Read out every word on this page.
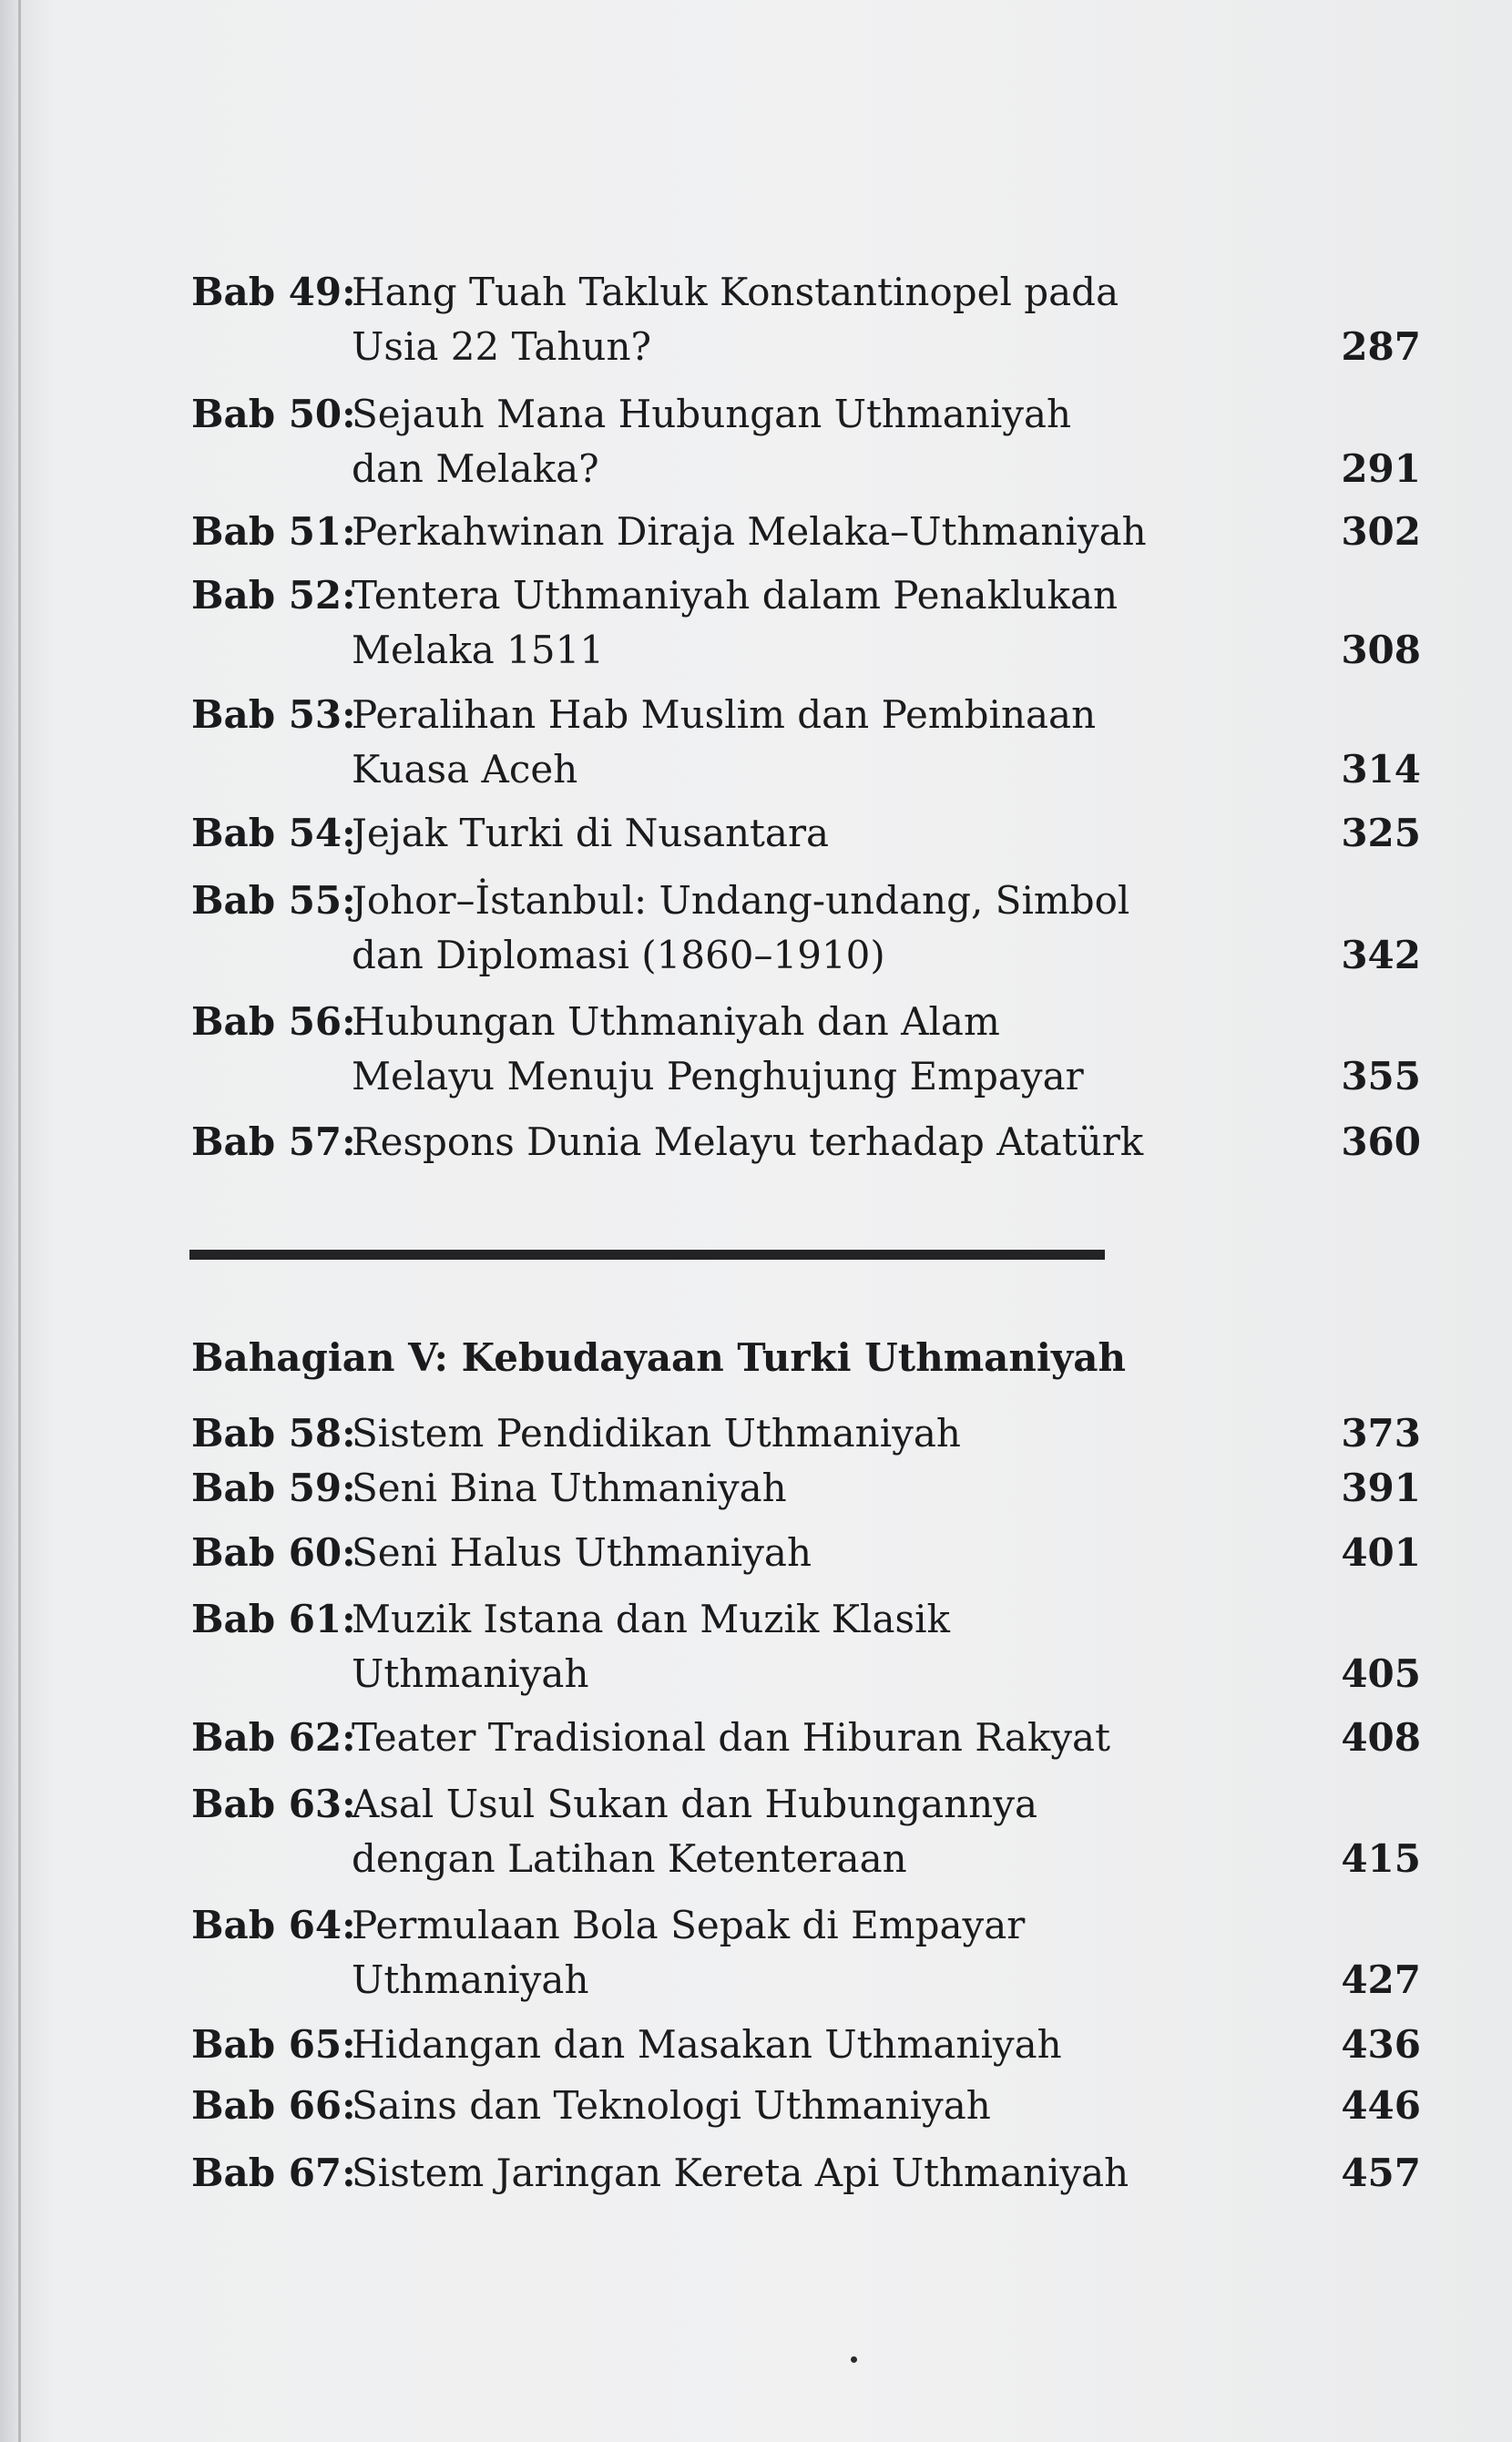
Bab 49:
Hang Tuah Takluk Konstantinopel pada
Usia 22 Tahun?	287
Bab 50:
Sejauh Mana Hubungan Uthmaniyah
dan Melaka?	291
Bab 51:
Perkahwinan Diraja Melaka–Uthmaniyah	302
Bab 52:
Tentera Uthmaniyah dalam Penaklukan
Melaka 1511	308
Bab 53:
Peralihan Hab Muslim dan Pembinaan
Kuasa Aceh	314
Bab 54:
Jejak Turki di Nusantara	325
Bab 55:
Johor–İstanbul: Undang-undang, Simbol
dan Diplomasi (1860–1910)	342
Bab 56:
Hubungan Uthmaniyah dan Alam
Melayu Menuju Penghujung Empayar	355
Bab 57:
Respons Dunia Melayu terhadap Atatürk	360
Bahagian V: Kebudayaan Turki Uthmaniyah
Bab 58:
Sistem Pendidikan Uthmaniyah	373
Bab 59:
Seni Bina Uthmaniyah	391
Bab 60:
Seni Halus Uthmaniyah	401
Bab 61:
Muzik Istana dan Muzik Klasik
Uthmaniyah	405
Bab 62:
Teater Tradisional dan Hiburan Rakyat	408
Bab 63:
Asal Usul Sukan dan Hubungannya
dengan Latihan Ketenteraan	415
Bab 64:
Permulaan Bola Sepak di Empayar
Uthmaniyah	427
Bab 65:
Hidangan dan Masakan Uthmaniyah	436
Bab 66:
Sains dan Teknologi Uthmaniyah	446
Bab 67:
Sistem Jaringan Kereta Api Uthmaniyah	457
